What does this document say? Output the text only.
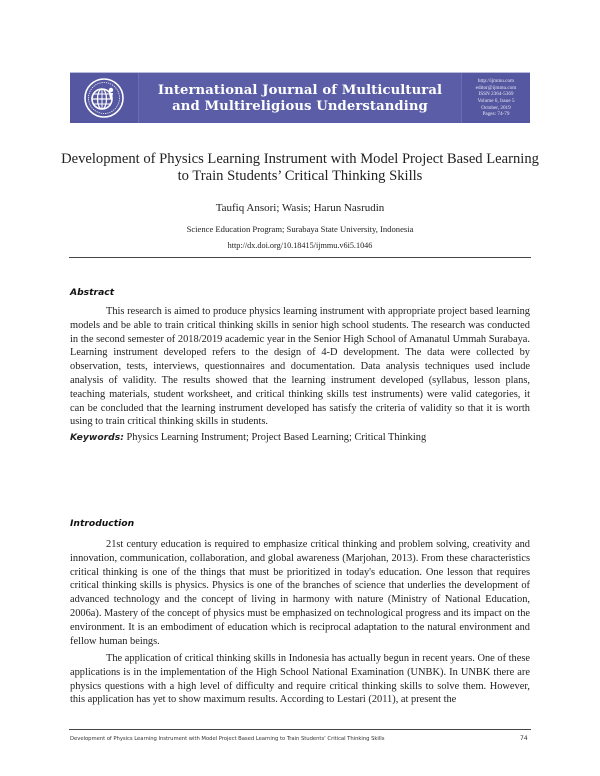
International Journal of Multicultural
and Multireligious Understanding
http://ijmmu.com
editor@ijmmu.com
ISSN 2364-5369
Volume 6, Issue 5
October, 2019
Pages: 74-79
Development of Physics Learning Instrument with Model Project Based Learning
to Train Students’ Critical Thinking Skills
Taufiq Ansori; Wasis; Harun Nasrudin
Science Education Program; Surabaya State University, Indonesia
http://dx.doi.org/10.18415/ijmmu.v6i5.1046
Abstract

This research is aimed to produce physics learning instrument with appropriate project based learning models and be able to train critical thinking skills in senior high school students. The research was conducted in the second semester of 2018/2019 academic year in the Senior High School of Amanatul Ummah Surabaya. Learning instrument developed refers to the design of 4-D development. The data were collected by observation, tests, interviews, questionnaires and documentation. Data analysis techniques used include analysis of validity. The results showed that the learning instrument developed (syllabus, lesson plans, teaching materials, student worksheet, and critical thinking skills test instruments) were valid categories, it can be concluded that the learning instrument developed has satisfy the criteria of validity so that it is worth using to train critical thinking skills in students.

Keywords: Physics Learning Instrument; Project Based Learning; Critical Thinking
Introduction

21st century education is required to emphasize critical thinking and problem solving, creativity and innovation, communication, collaboration, and global awareness (Marjohan, 2013). From these characteristics critical thinking is one of the things that must be prioritized in today's education. One lesson that requires critical thinking skills is physics. Physics is one of the branches of science that underlies the development of advanced technology and the concept of living in harmony with nature (Ministry of National Education, 2006a). Mastery of the concept of physics must be emphasized on technological progress and its impact on the environment. It is an embodiment of education which is reciprocal adaptation to the natural environment and fellow human beings.

The application of critical thinking skills in Indonesia has actually begun in recent years. One of these applications is in the implementation of the High School National Examination (UNBK). In UNBK there are physics questions with a high level of difficulty and require critical thinking skills to solve them. However, this application has yet to show maximum results. According to Lestari (2011), at present the

Development of Physics Learning Instrument with Model Project Based Learning to Train Students’ Critical Thinking Skills	74
